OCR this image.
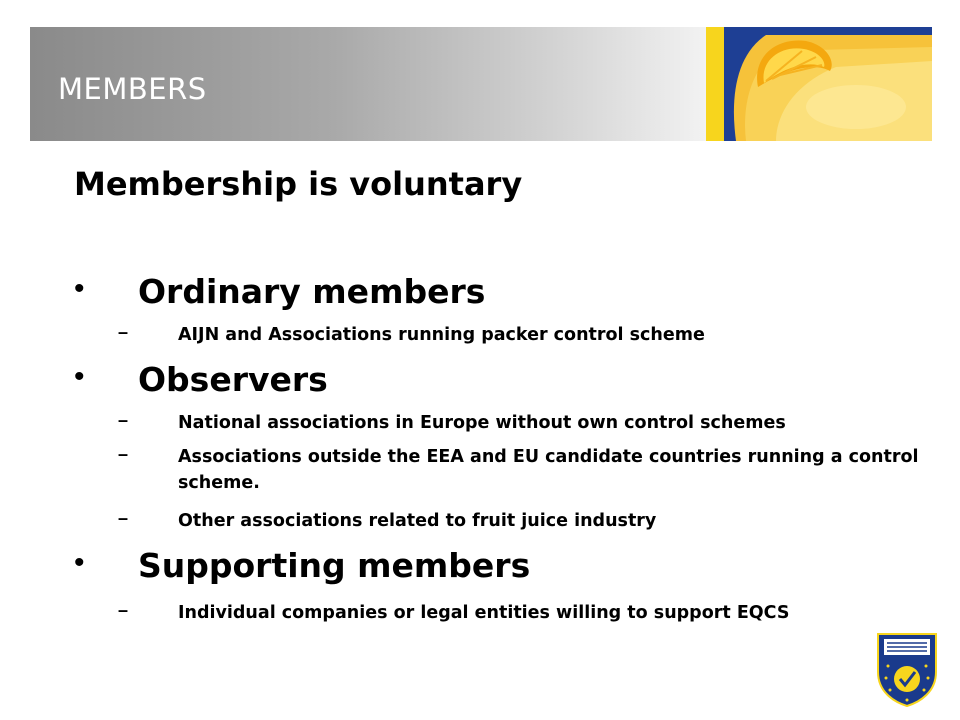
MEMBERS
Membership is voluntary
• Ordinary members
–	AIJN and Associations running packer control scheme
• Observers
–	National associations in Europe without own control schemes
–	Associations outside the EEA and EU candidate countries running a control scheme.
–	Other associations related to fruit juice industry
• Supporting members
–	Individual companies or legal entities willing to support EQCS
